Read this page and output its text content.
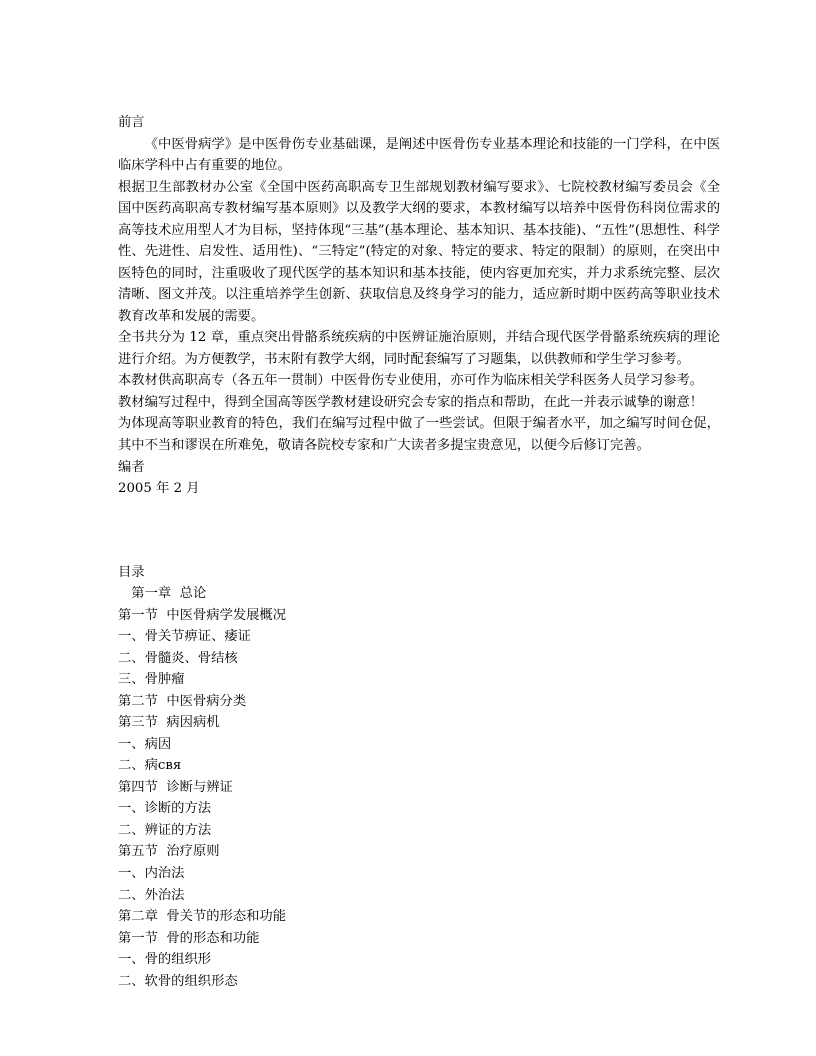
前言

《中医骨病学》是中医骨伤专业基础课，是阐述中医骨伤专业基本理论和技能的一门学科，在中医临床学科中占有重要的地位。

根据卫生部教材办公室《全国中医药高职高专卫生部规划教材编写要求》、七院校教材编写委员会《全国中医药高职高专教材编写基本原则》以及教学大纲的要求，本教材编写以培养中医骨伤科岗位需求的高等技术应用型人才为目标，坚持体现“三基”(基本理论、基本知识、基本技能)、“五性”(思想性、科学性、先进性、启发性、适用性)、“三特定”(特定的对象、特定的要求、特定的限制）的原则，在突出中医特色的同时，注重吸收了现代医学的基本知识和基本技能，使内容更加充实，并力求系统完整、层次清晰、图文并茂。以注重培养学生创新、获取信息及终身学习的能力，适应新时期中医药高等职业技术教育改革和发展的需要。

全书共分为 12 章，重点突出骨骼系统疾病的中医辨证施治原则，并结合现代医学骨骼系统疾病的理论进行介绍。为方便教学，书末附有教学大纲，同时配套编写了习题集，以供教师和学生学习参考。

本教材供高职高专（各五年一贯制）中医骨伤专业使用，亦可作为临床相关学科医务人员学习参考。

教材编写过程中，得到全国高等医学教材建设研究会专家的指点和帮助，在此一并表示诚挚的谢意！

为体现高等职业教育的特色，我们在编写过程中做了一些尝试。但限于编者水平，加之编写时间仓促，其中不当和谬误在所难免，敬请各院校专家和广大读者多提宝贵意见，以便今后修订完善。

编者

2005 年 2 月

目录

第一章  总论

第一节  中医骨病学发展概况

一、骨关节痹证、痿证

二、骨髓炎、骨结核

三、骨肿瘤

第二节  中医骨病分类

第三节  病因病机

一、病因

二、病свя

第四节  诊断与辨证

一、诊断的方法

二、辨证的方法

第五节  治疗原则

一、内治法

二、外治法

第二章  骨关节的形态和功能

第一节  骨的形态和功能

一、骨的组织形

二、软骨的组织形态
